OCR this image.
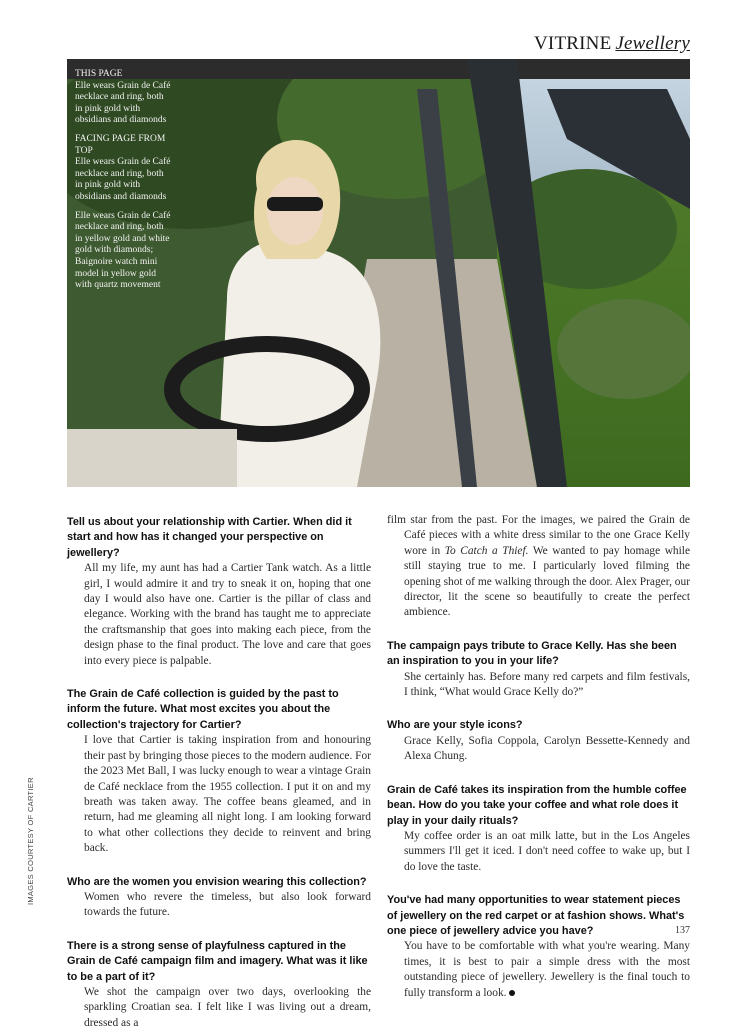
VITRINE Jewellery

THIS PAGE
Elle wears Grain de Café necklace and ring, both in pink gold with obsidians and diamonds

FACING PAGE FROM TOP
Elle wears Grain de Café necklace and ring, both in pink gold with obsidians and diamonds

Elle wears Grain de Café necklace and ring, both in yellow gold and white gold with diamonds; Baignoire watch mini model in yellow gold with quartz movement

Tell us about your relationship with Cartier. When did it start and how has it changed your perspective on jewellery?

All my life, my aunt has had a Cartier Tank watch. As a little girl, I would admire it and try to sneak it on, hoping that one day I would also have one. Cartier is the pillar of class and elegance. Working with the brand has taught me to appreciate the craftsmanship that goes into making each piece, from the design phase to the final product. The love and care that goes into every piece is palpable.

The Grain de Café collection is guided by the past to inform the future. What most excites you about the collection's trajectory for Cartier?

I love that Cartier is taking inspiration from and honouring their past by bringing those pieces to the modern audience. For the 2023 Met Ball, I was lucky enough to wear a vintage Grain de Café necklace from the 1955 collection. I put it on and my breath was taken away. The coffee beans gleamed, and in return, had me gleaming all night long. I am looking forward to what other collections they decide to reinvent and bring back.

Who are the women you envision wearing this collection?

Women who revere the timeless, but also look forward towards the future.

There is a strong sense of playfulness captured in the Grain de Café campaign film and imagery. What was it like to be a part of it?

We shot the campaign over two days, overlooking the sparkling Croatian sea. I felt like I was living out a dream, dressed as a

film star from the past. For the images, we paired the Grain de Café pieces with a white dress similar to the one Grace Kelly wore in To Catch a Thief. We wanted to pay homage while still staying true to me. I particularly loved filming the opening shot of me walking through the door. Alex Prager, our director, lit the scene so beautifully to create the perfect ambience.

The campaign pays tribute to Grace Kelly. Has she been an inspiration to you in your life?

She certainly has. Before many red carpets and film festivals, I think, “What would Grace Kelly do?”

Who are your style icons?

Grace Kelly, Sofia Coppola, Carolyn Bessette-Kennedy and Alexa Chung.

Grain de Café takes its inspiration from the humble coffee bean. How do you take your coffee and what role does it play in your daily rituals?

My coffee order is an oat milk latte, but in the Los Angeles summers I'll get it iced. I don't need coffee to wake up, but I do love the taste.

You've had many opportunities to wear statement pieces of jewellery on the red carpet or at fashion shows. What's one piece of jewellery advice you have?

You have to be comfortable with what you're wearing. Many times, it is best to pair a simple dress with the most outstanding piece of jewellery. Jewellery is the final touch to fully transform a look.

IMAGES COURTESY OF CARTIER
137
